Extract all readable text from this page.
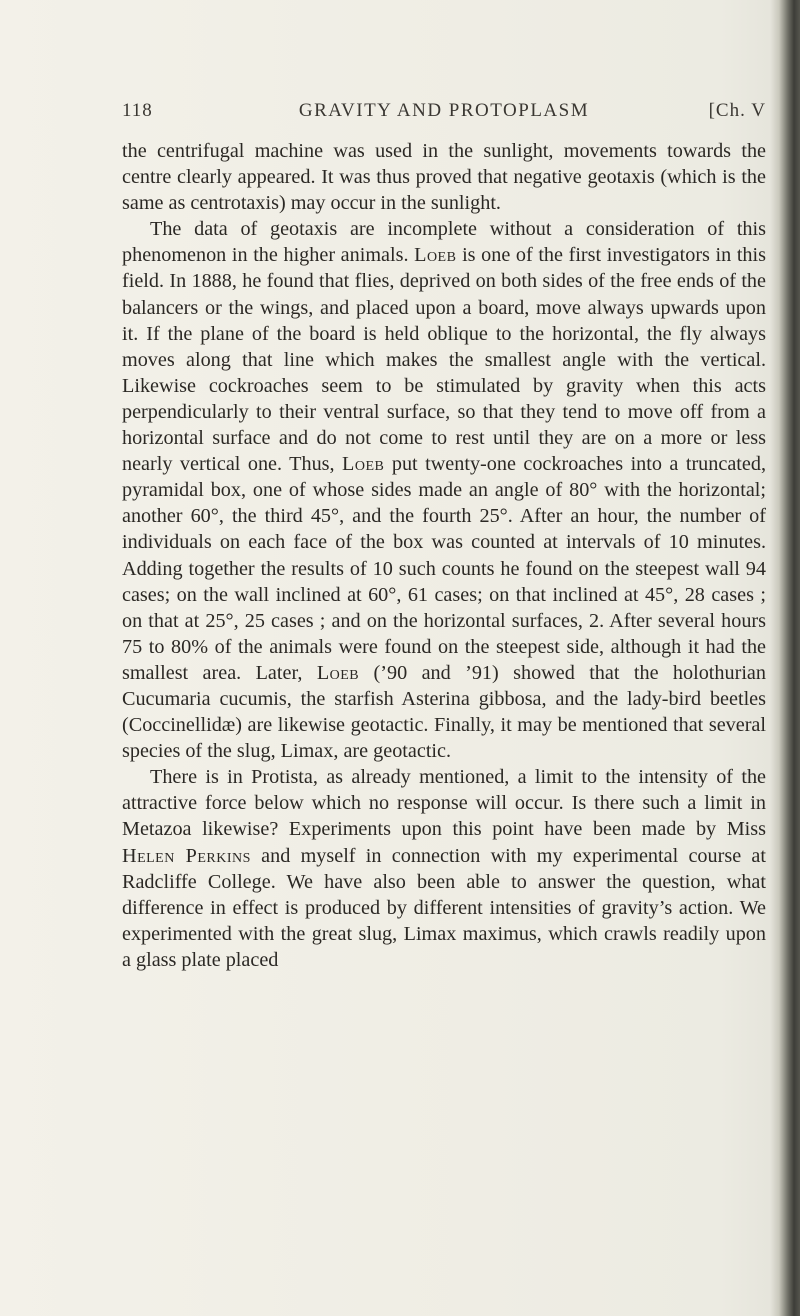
118	GRAVITY AND PROTOPLASM	[Ch. V

the centrifugal machine was used in the sunlight, movements towards the centre clearly appeared. It was thus proved that negative geotaxis (which is the same as centrotaxis) may occur in the sunlight.

The data of geotaxis are incomplete without a consideration of this phenomenon in the higher animals. Loeb is one of the first investigators in this field. In 1888, he found that flies, deprived on both sides of the free ends of the balancers or the wings, and placed upon a board, move always upwards upon it. If the plane of the board is held oblique to the horizontal, the fly always moves along that line which makes the smallest angle with the vertical. Likewise cockroaches seem to be stimulated by gravity when this acts perpendicularly to their ventral surface, so that they tend to move off from a horizontal surface and do not come to rest until they are on a more or less nearly vertical one. Thus, Loeb put twenty-one cockroaches into a truncated, pyramidal box, one of whose sides made an angle of 80° with the horizontal; another 60°, the third 45°, and the fourth 25°. After an hour, the number of individuals on each face of the box was counted at intervals of 10 minutes. Adding together the results of 10 such counts he found on the steepest wall 94 cases; on the wall inclined at 60°, 61 cases; on that inclined at 45°, 28 cases ; on that at 25°, 25 cases ; and on the horizontal surfaces, 2. After several hours 75 to 80% of the animals were found on the steepest side, although it had the smallest area. Later, Loeb (’90 and ’91) showed that the holothurian Cucumaria cucumis, the starfish Asterina gibbosa, and the lady-bird beetles (Coccinellidæ) are likewise geotactic. Finally, it may be mentioned that several species of the slug, Limax, are geotactic.

There is in Protista, as already mentioned, a limit to the intensity of the attractive force below which no response will occur. Is there such a limit in Metazoa likewise? Experiments upon this point have been made by Miss Helen Perkins and myself in connection with my experimental course at Radcliffe College. We have also been able to answer the question, what difference in effect is produced by different intensities of gravity’s action. We experimented with the great slug, Limax maximus, which crawls readily upon a glass plate placed
